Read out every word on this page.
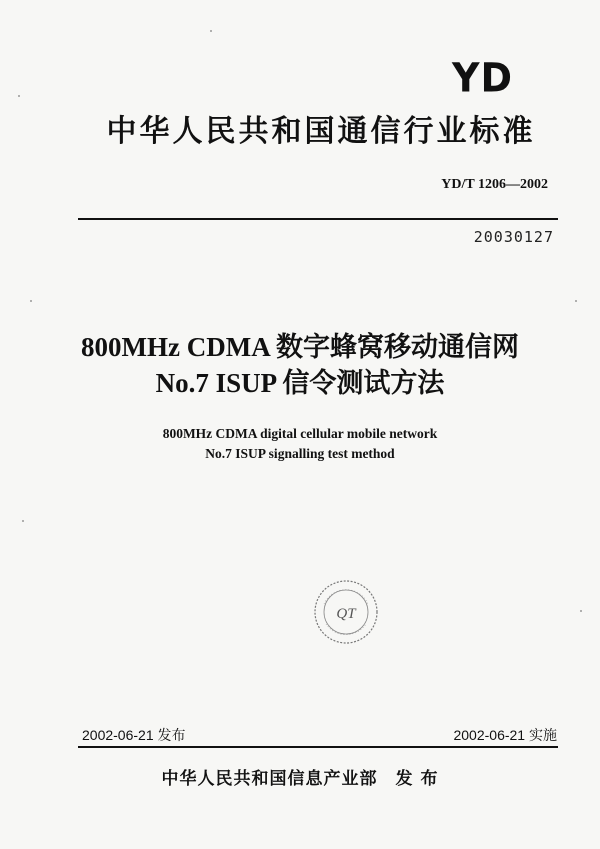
YD
中华人民共和国通信行业标准
YD/T 1206—2002
20030127
800MHz CDMA 数字蜂窝移动通信网
No.7 ISUP 信令测试方法
800MHz CDMA digital cellular mobile network
No.7 ISUP signalling test method
QT
2002-06-21 发布	2002-06-21 实施
中华人民共和国信息产业部 发 布
